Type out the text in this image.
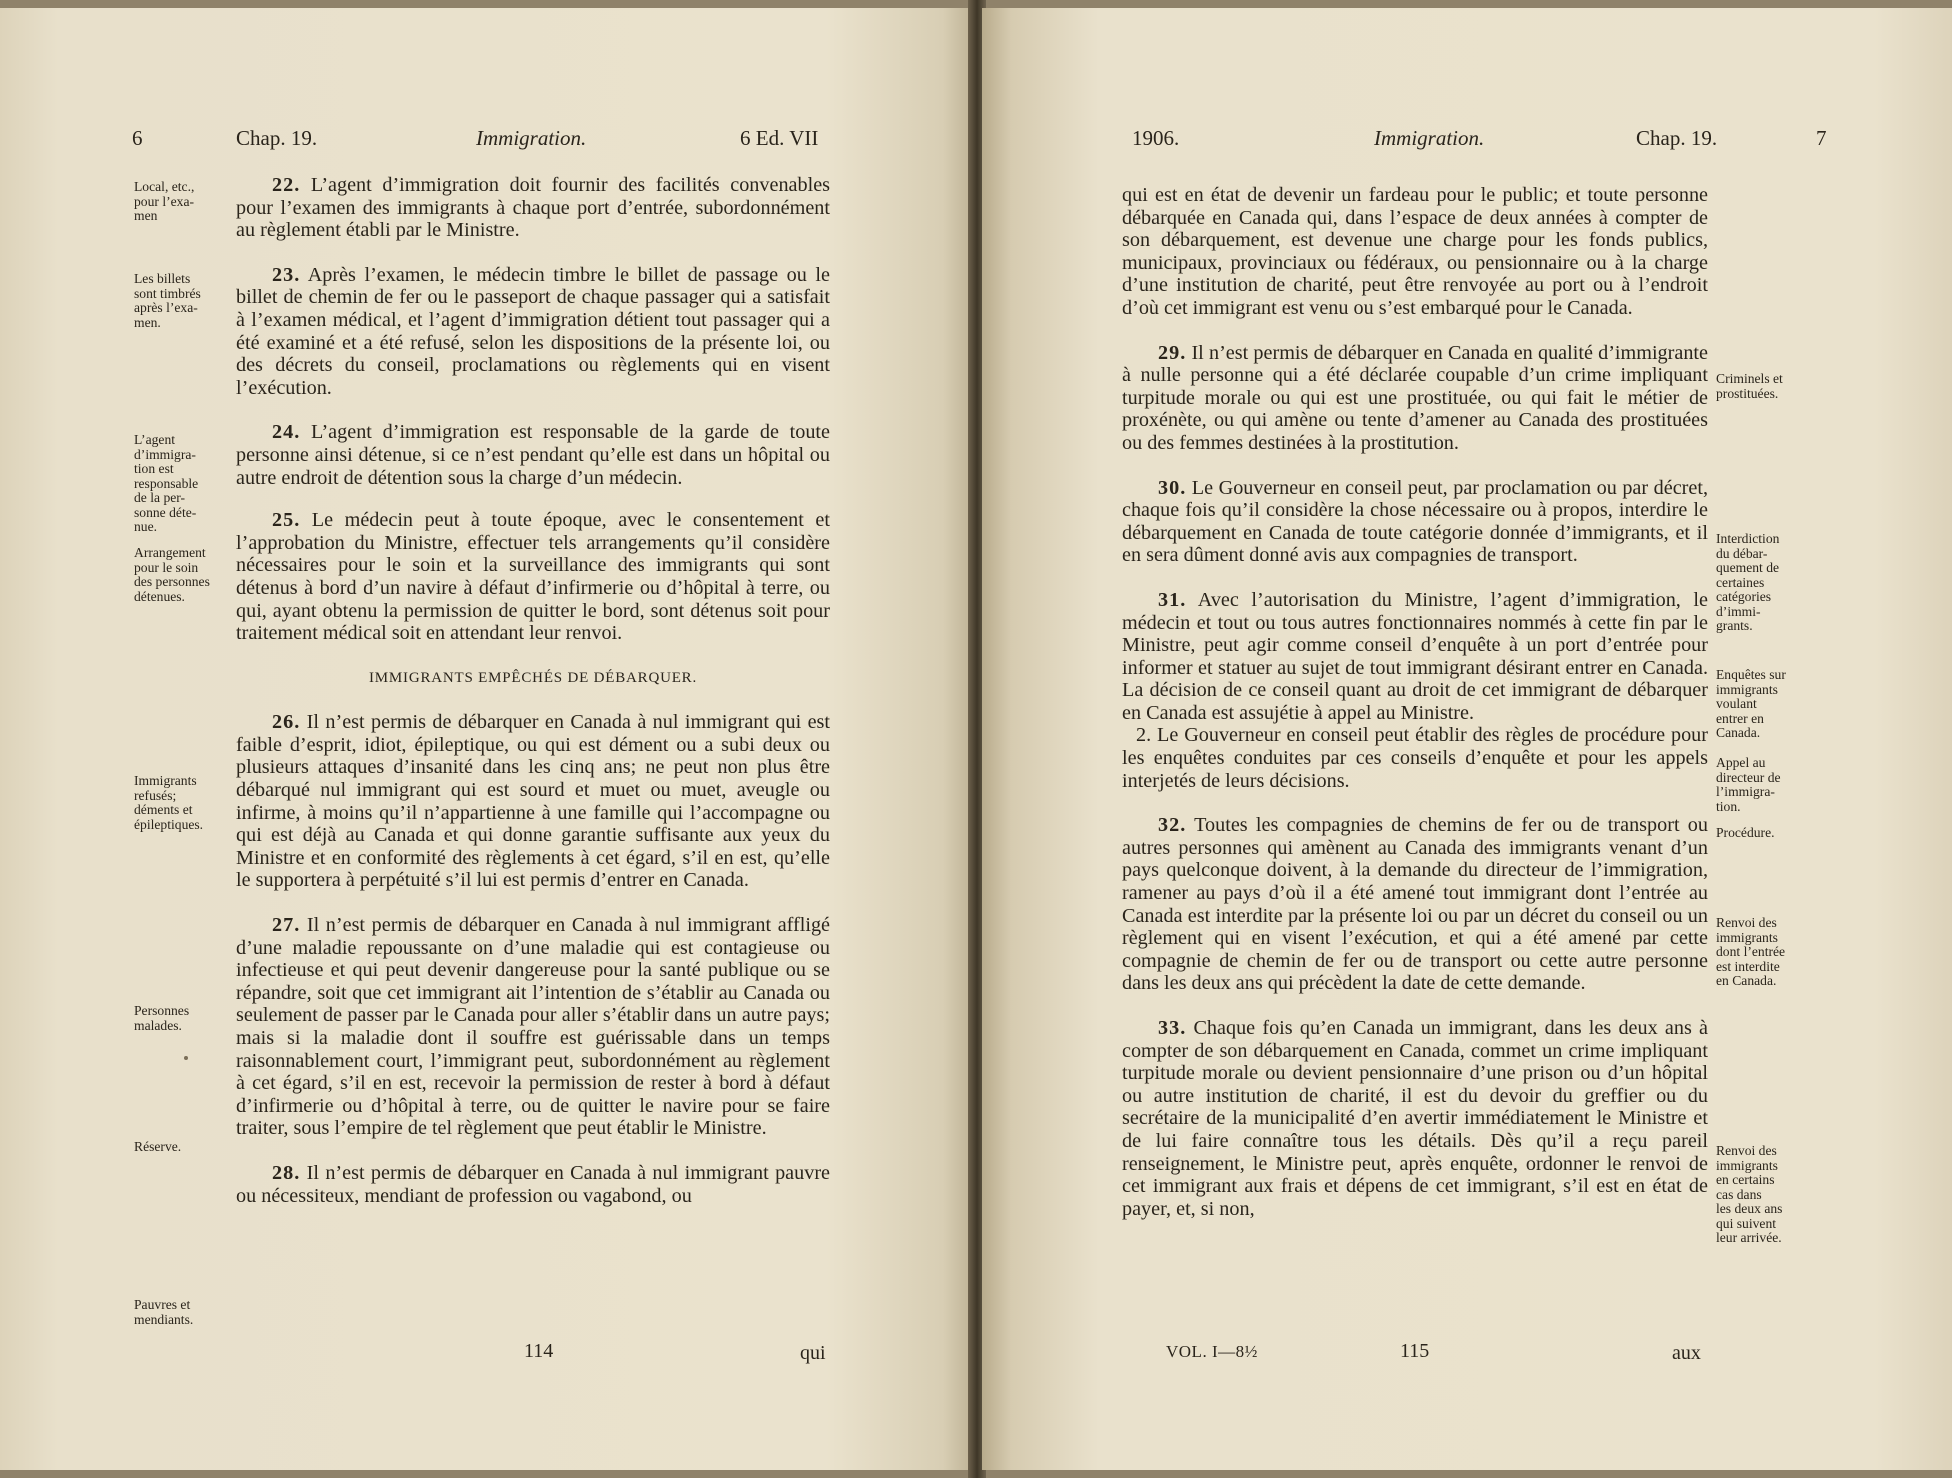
6	Chap. 19.	Immigration.	6 Ed. VII
Local, etc.,
pour l’exa-
men
Les billets
sont timbrés
après l’exa-
men.
L’agent
d’immigra-
tion est
responsable
de la per-
sonne déte-
nue.
Arrangement
pour le soin
des personnes
détenues.
Immigrants
refusés;
déments et
épileptiques.
Personnes
malades.
Réserve.
Pauvres et
mendiants.

22. L’agent d’immigration doit fournir des facilités convenables pour l’examen des immigrants à chaque port d’entrée, subordonnément au règlement établi par le Ministre.

23. Après l’examen, le médecin timbre le billet de passage ou le billet de chemin de fer ou le passeport de chaque passager qui a satisfait à l’examen médical, et l’agent d’immigration détient tout passager qui a été examiné et a été refusé, selon les dispositions de la présente loi, ou des décrets du conseil, proclamations ou règlements qui en visent l’exécution.

24. L’agent d’immigration est responsable de la garde de toute personne ainsi détenue, si ce n’est pendant qu’elle est dans un hôpital ou autre endroit de détention sous la charge d’un médecin.

25. Le médecin peut à toute époque, avec le consentement et l’approbation du Ministre, effectuer tels arrangements qu’il considère nécessaires pour le soin et la surveillance des immigrants qui sont détenus à bord d’un navire à défaut d’infirmerie ou d’hôpital à terre, ou qui, ayant obtenu la permission de quitter le bord, sont détenus soit pour traitement médical soit en attendant leur renvoi.

IMMIGRANTS EMPÊCHÉS DE DÉBARQUER.

26. Il n’est permis de débarquer en Canada à nul immigrant qui est faible d’esprit, idiot, épileptique, ou qui est dément ou a subi deux ou plusieurs attaques d’insanité dans les cinq ans; ne peut non plus être débarqué nul immigrant qui est sourd et muet ou muet, aveugle ou infirme, à moins qu’il n’appartienne à une famille qui l’accompagne ou qui est déjà au Canada et qui donne garantie suffisante aux yeux du Ministre et en conformité des règlements à cet égard, s’il en est, qu’elle le supportera à perpétuité s’il lui est permis d’entrer en Canada.

27. Il n’est permis de débarquer en Canada à nul immigrant affligé d’une maladie repoussante on d’une maladie qui est contagieuse ou infectieuse et qui peut devenir dangereuse pour la santé publique ou se répandre, soit que cet immigrant ait l’intention de s’établir au Canada ou seulement de passer par le Canada pour aller s’établir dans un autre pays; mais si la maladie dont il souffre est guérissable dans un temps raisonnablement court, l’immigrant peut, subordonnément au règlement à cet égard, s’il en est, recevoir la permission de rester à bord à défaut d’infirmerie ou d’hôpital à terre, ou de quitter le navire pour se faire traiter, sous l’empire de tel règlement que peut établir le Ministre.

28. Il n’est permis de débarquer en Canada à nul immigrant pauvre ou nécessiteux, mendiant de profession ou vagabond, ou

114	qui
1906.	Immigration.	Chap. 19.	7

qui est en état de devenir un fardeau pour le public; et toute personne débarquée en Canada qui, dans l’espace de deux années à compter de son débarquement, est devenue une charge pour les fonds publics, municipaux, provinciaux ou fédéraux, ou pensionnaire ou à la charge d’une institution de charité, peut être renvoyée au port ou à l’endroit d’où cet immigrant est venu ou s’est embarqué pour le Canada.

29. Il n’est permis de débarquer en Canada en qualité d’immigrante à nulle personne qui a été déclarée coupable d’un crime impliquant turpitude morale ou qui est une prostituée, ou qui fait le métier de proxénète, ou qui amène ou tente d’amener au Canada des prostituées ou des femmes destinées à la prostitution.

30. Le Gouverneur en conseil peut, par proclamation ou par décret, chaque fois qu’il considère la chose nécessaire ou à propos, interdire le débarquement en Canada de toute catégorie donnée d’immigrants, et il en sera dûment donné avis aux compagnies de transport.

31. Avec l’autorisation du Ministre, l’agent d’immigration, le médecin et tout ou tous autres fonctionnaires nommés à cette fin par le Ministre, peut agir comme conseil d’enquête à un port d’entrée pour informer et statuer au sujet de tout immigrant désirant entrer en Canada. La décision de ce conseil quant au droit de cet immigrant de débarquer en Canada est assujétie à appel au Ministre.

2. Le Gouverneur en conseil peut établir des règles de procédure pour les enquêtes conduites par ces conseils d’enquête et pour les appels interjetés de leurs décisions.

32. Toutes les compagnies de chemins de fer ou de transport ou autres personnes qui amènent au Canada des immigrants venant d’un pays quelconque doivent, à la demande du directeur de l’immigration, ramener au pays d’où il a été amené tout immigrant dont l’entrée au Canada est interdite par la présente loi ou par un décret du conseil ou un règlement qui en visent l’exécution, et qui a été amené par cette compagnie de chemin de fer ou de transport ou cette autre personne dans les deux ans qui précèdent la date de cette demande.

33. Chaque fois qu’en Canada un immigrant, dans les deux ans à compter de son débarquement en Canada, commet un crime impliquant turpitude morale ou devient pensionnaire d’une prison ou d’un hôpital ou autre institution de charité, il est du devoir du greffier ou du secrétaire de la municipalité d’en avertir immédiatement le Ministre et de lui faire connaître tous les détails. Dès qu’il a reçu pareil renseignement, le Ministre peut, après enquête, ordonner le renvoi de cet immigrant aux frais et dépens de cet immigrant, s’il est en état de payer, et, si non,

Criminels et
prostituées.
Interdiction
du débar-
quement de
certaines
catégories
d’immi-
grants.
Enquêtes sur
immigrants
voulant
entrer en
Canada.
Appel au
directeur de
l’immigra-
tion.
Procédure.
Renvoi des
immigrants
dont l’entrée
est interdite
en Canada.
Renvoi des
immigrants
en certains
cas dans
les deux ans
qui suivent
leur arrivée.
VOL. I—8½	115	aux
